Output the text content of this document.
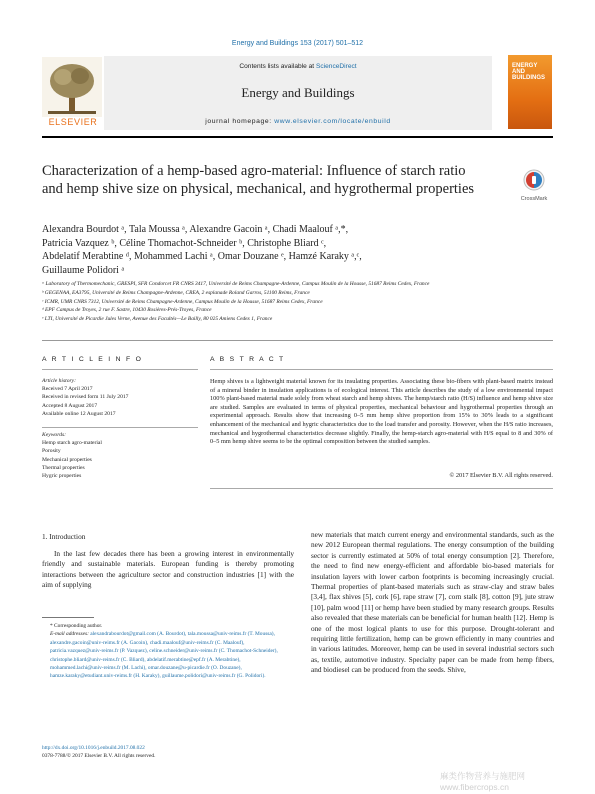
Energy and Buildings 153 (2017) 501–512
ELSEVIER
Contents lists available at ScienceDirect
Energy and Buildings
journal homepage: www.elsevier.com/locate/enbuild
ENERGY
AND
BUILDINGS
Characterization of a hemp-based agro-material: Influence of starch ratio and hemp shive size on physical, mechanical, and hygrothermal properties
CrossMark
Alexandra Bourdot ᵃ, Tala Moussa ᵃ, Alexandre Gacoin ᵃ, Chadi Maalouf ᵃ,*,
Patricia Vazquez ᵇ, Céline Thomachot-Schneider ᵇ, Christophe Bliard ᶜ,
Abdelatif Merabtine ᵈ, Mohammed Lachi ᵃ, Omar Douzane ᵉ, Hamzé Karaky ᵃ,ᶜ,
Guillaume Polidori ᵃ
ᵃ Laboratory of Thermomechanic, GRESPI, SFR Condorcet FR CNRS 3417, Université de Reims Champagne-Ardenne, Campus Moulin de la Housse, 51687 Reims Cedex, France
ᵇ GEGENAA, EA3795, Université de Reims Champagne-Ardenne, CREA, 2 esplanade Roland Garros, 51100 Reims, France
ᶜ ICMR, UMR CNRS 7312, Université de Reims Champagne-Ardenne, Campus Moulin de la Housse, 51687 Reims Cedex, France
ᵈ EPF Campus de Troyes, 2 rue F. Sastre, 10430 Rosières-Prés-Troyes, France
ᵉ LTI, Université de Picardie Jules Verne, Avenue des Facultés—Le Bailly, 80 025 Amiens Cedex 1, France
A R T I C L E I N F O
Article history:
Received 7 April 2017
Received in revised form 11 July 2017
Accepted 8 August 2017
Available online 12 August 2017
Keywords:
Hemp starch agro-material
Porosity
Mechanical properties
Thermal properties
Hygric properties
A B S T R A C T
Hemp shives is a lightweight material known for its insulating properties. Associating these bio-fibers with plant-based matrix instead of a mineral binder in insulation applications is of ecological interest. This article describes the study of a low environmental impact 100% plant-based material made solely from wheat starch and hemp shives. The hemp/starch ratio (H/S) influence and hemp shive size are studied. Samples are evaluated in terms of physical properties, mechanical behaviour and hygrothermal properties through an experimental approach. Results show that increasing 0–5 mm hemp shive proportion from 15% to 30% leads to a significant enhancement of the mechanical and hygric characteristics due to the load transfer and porosity. However, when the H/S ratio increases, mechanical and hygrothermal characteristics decrease slightly. Finally, the hemp-starch agro-material with H/S equal to 8 and 30% of 0–5 mm hemp shive seems to be the optimal composition between the studied samples.
© 2017 Elsevier B.V. All rights reserved.
1. Introduction

In the last few decades there has been a growing interest in environmentally friendly and sustainable materials. European funding is thereby promoting interactions between the agriculture sector and construction industries [1] with the aim of supplying

new materials that match current energy and environmental standards, such as the new 2012 European thermal regulations. The energy consumption of the building sector is currently estimated at 50% of total energy consumption [2]. Therefore, the need to find new energy-efficient and affordable bio-based materials for insulation layers with lower carbon footprints is becoming increasingly crucial. Thermal properties of plant-based materials such as straw-clay and straw bales [3,4], flax shives [5], cork [6], rape straw [7], corn stalk [8], cotton [9], jute straw [10], palm wood [11] or hemp have been studied by many research groups. Results also revealed that these materials can be beneficial for human health [12]. Hemp is one of the most logical plants to use for this purpose. Drought-tolerant and requiring little fertilization, hemp can be grown efficiently in many countries and in various latitudes. Moreover, hemp can be used in several industrial sectors such as, textile, automotive industry. Specialty paper can be made from hemp fibers, and biodiesel can be produced from the seeds. Shive,

* Corresponding author.
E-mail addresses: alexandrabourdot@gmail.com (A. Bourdot), tala.moussa@univ-reims.fr (T. Moussa), alexandre.gacoin@univ-reims.fr (A. Gacoin), chadi.maalouf@univ-reims.fr (C. Maalouf), patricia.vazquez@univ-reims.fr (P. Vazquez), celine.schneider@univ-reims.fr (C. Thomachot-Schneider), christophe.bliard@univ-reims.fr (C. Bliard), abdelatif.merabtine@epf.fr (A. Merabtine), mohammed.lachi@univ-reims.fr (M. Lachi), omar.douzane@u-picardie.fr (O. Douzane), hamze.karaky@etudiant.univ-reims.fr (H. Karaky), guillaume.polidori@univ-reims.fr (G. Polidori).
http://dx.doi.org/10.1016/j.enbuild.2017.08.022
0378-7788/© 2017 Elsevier B.V. All rights reserved.
麻类作物营养与施肥网 www.fibercrops.cn
